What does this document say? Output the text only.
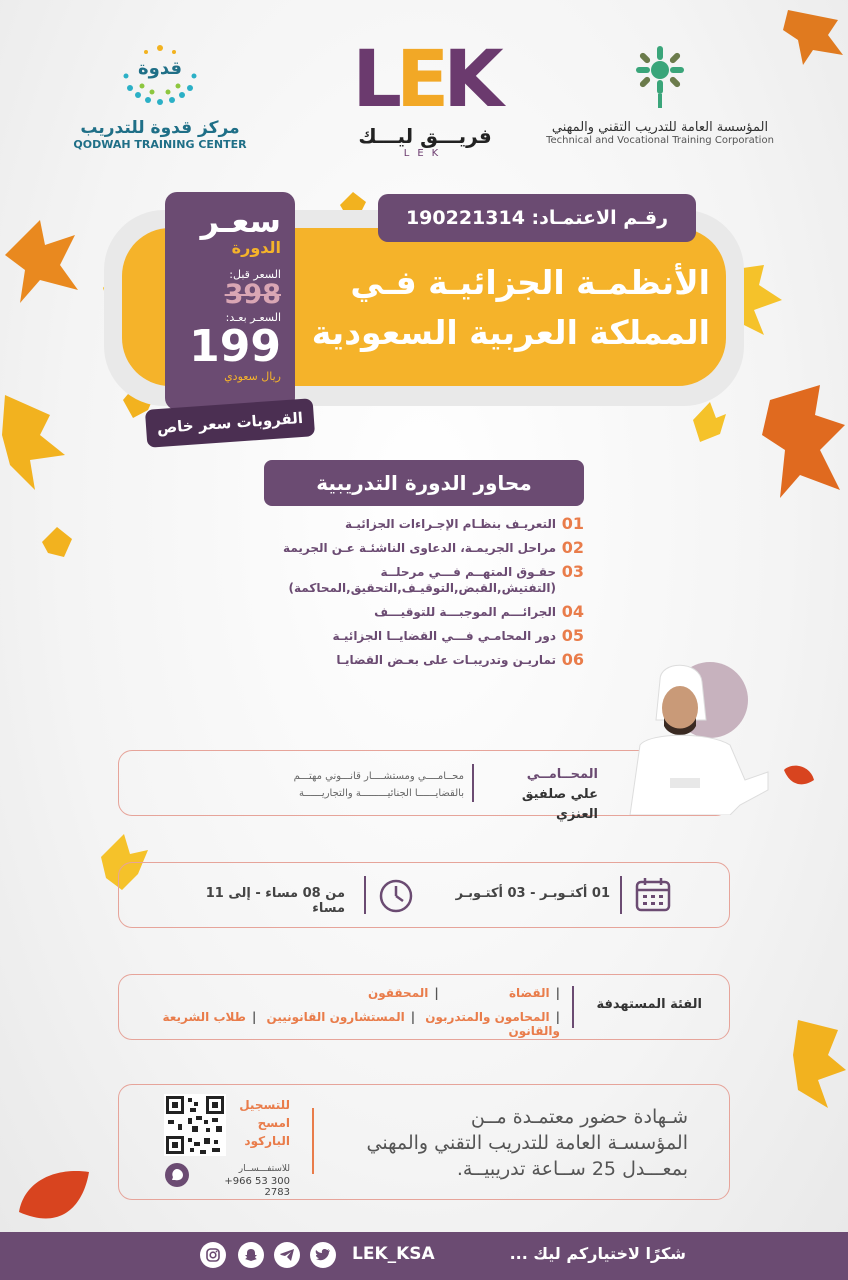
المؤسسة العامة للتدريب التقني والمهني
Technical and Vocational Training Corporation
LEK
فريـــق ليـــك
LEK
قدوة
مركز قدوة للتدريب
QODWAH TRAINING CENTER
رقـم الاعتمـاد: 190221314
الأنظمـة الجزائيـة فـي
المملكة العربية السعودية
سعـر
الدورة
السعر قبل:
398
السعـر بعـد:
199
ريال سعودي
القروبات سعر خاص
محاور الدورة التدريبية
01
التعريـف بنظـام الإجـراءات الجزائيـة
02
مراحل الجريمـة، الدعاوى الناشئـة عـن الجريمة
03
حقـوق المتهــم فـــي مرحلــة (التفتيش,القبض,التوقيـف,التحقيق,المحاكمة)
04
الجرائـــم الموجبـــة للتوقيـــف
05
دور المحامـي فـــي القضايــا الجزائيـة
06
تماريـن وتدريبـات على بعـض القضايـا
المحــامــي
علي صلفيق العنزي
محــامــــي ومستشــــار قانـــوني مهتـــم
بالقضايــــــا الجنائيـــــــــة والتجاريــــــة
01 أكتـوبـر - 03 أكتـوبـر
من 08 مساء - إلى 11 مساء
الفئة المستهدفة
|القضاة |المحققون
|المحامون والمتدربون |المستشارون القانونيين |طلاب الشريعة والقانون
شـهادة حضور معتمـدة مــن
المؤسسـة العامة للتدريب التقني والمهني
بمعـــدل 25 ســاعة تدريبيــة.
للتسجيل
امسح
الباركود
للاستفـــســار
+966 53 300 2783
شكرًا لاختياركم ليك ...
LEK_KSA
